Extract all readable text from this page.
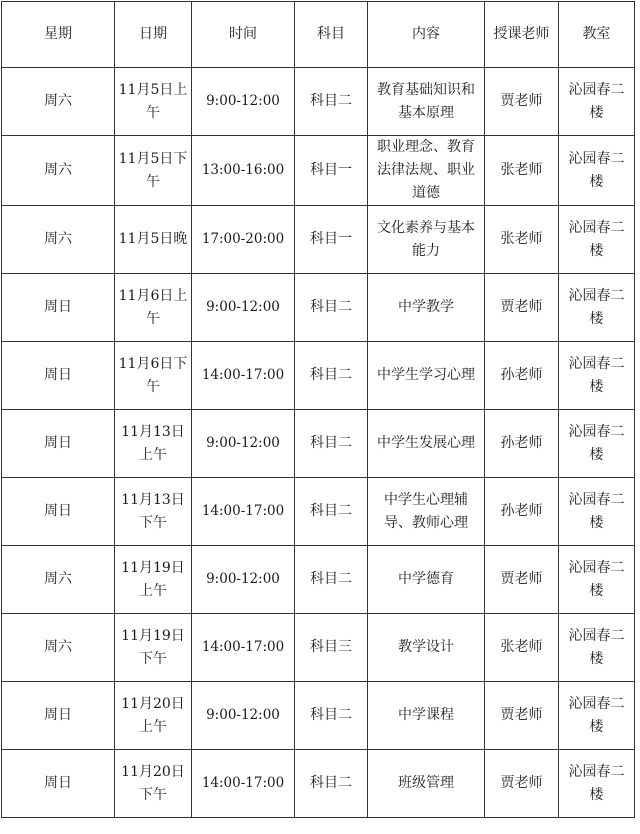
星期	日期	时间	科目	内容	授课老师	教室
周六	11月5日上午	9:00-12:00	科目二	教育基础知识和基本原理	贾老师	沁园春二楼
周六	11月5日下午	13:00-16:00	科目一	职业理念、教育法律法规、职业道德	张老师	沁园春二楼
周六	11月5日晚	17:00-20:00	科目一	文化素养与基本能力	张老师	沁园春二楼
周日	11月6日上午	9:00-12:00	科目二	中学教学	贾老师	沁园春二楼
周日	11月6日下午	14:00-17:00	科目二	中学生学习心理	孙老师	沁园春二楼
周日	11月13日上午	9:00-12:00	科目二	中学生发展心理	孙老师	沁园春二楼
周日	11月13日下午	14:00-17:00	科目二	中学生心理辅导、教师心理	孙老师	沁园春二楼
周六	11月19日上午	9:00-12:00	科目二	中学德育	贾老师	沁园春二楼
周六	11月19日下午	14:00-17:00	科目三	教学设计	张老师	沁园春二楼
周日	11月20日上午	9:00-12:00	科目二	中学课程	贾老师	沁园春二楼
周日	11月20日下午	14:00-17:00	科目二	班级管理	贾老师	沁园春二楼
